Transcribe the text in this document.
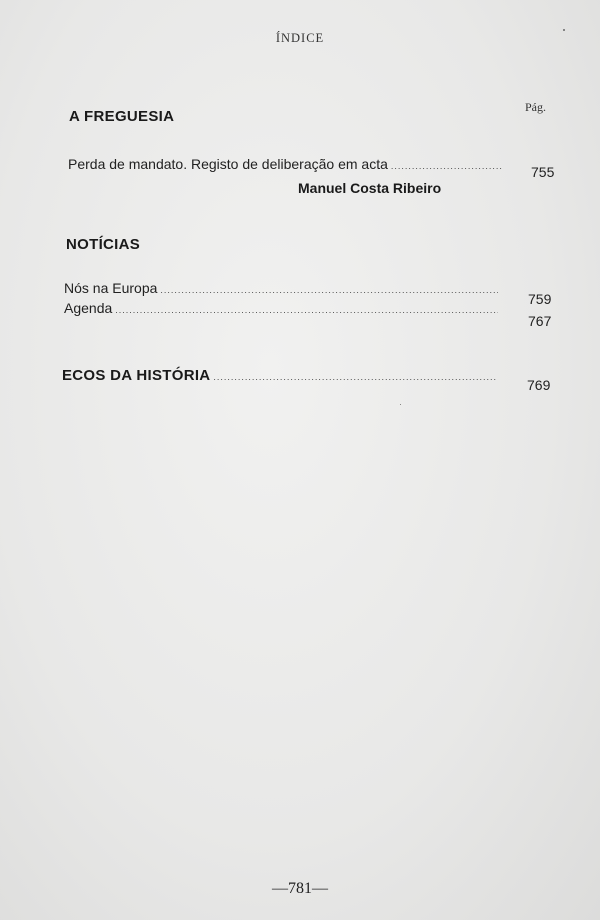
ÍNDICE
Pág.
A FREGUESIA
Perda de mandato. Registo de deliberação em acta
.....	755
Manuel Costa Ribeiro
NOTÍCIAS
Nós na Europa
.....
759
Agenda
.....
767
ECOS DA HISTÓRIA
.....
769
—781—
